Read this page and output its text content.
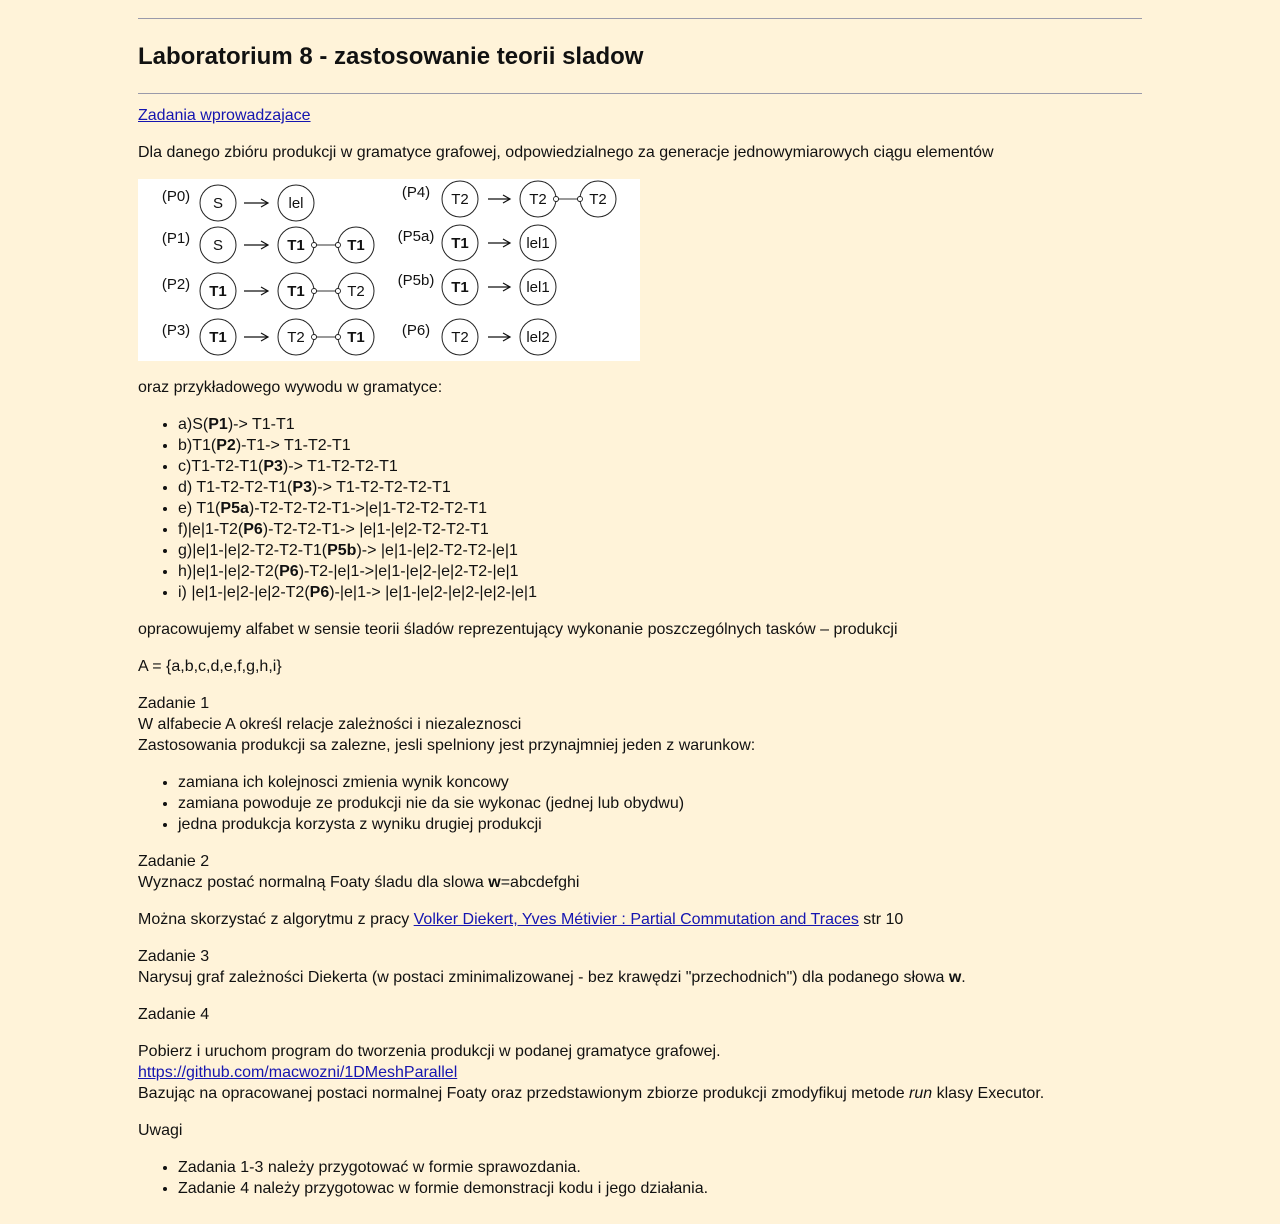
Laboratorium 8 - zastosowanie teorii sladow

Zadania wprowadzajace

Dla danego zbióru produkcji w gramatyce grafowej, odpowiedzialnego za generacje jednowymiarowych ciągu elementów

(P0) S	lel
(P1) S	T1	T1
(P2) T1	T1	T2
(P3) T1	T2	T1
(P4) T2	T2	T2
(P5a) T1	lel1
(P5b) T1	lel1
(P6) T2	lel2

oraz przykładowego wywodu w gramatyce:

• a)S(P1)-> T1-T1
• b)T1(P2)-T1-> T1-T2-T1
• c)T1-T2-T1(P3)-> T1-T2-T2-T1
• d) T1-T2-T2-T1(P3)-> T1-T2-T2-T2-T1
• e) T1(P5a)-T2-T2-T2-T1->|e|1-T2-T2-T2-T1
• f)|e|1-T2(P6)-T2-T2-T1-> |e|1-|e|2-T2-T2-T1
• g)|e|1-|e|2-T2-T2-T1(P5b)-> |e|1-|e|2-T2-T2-|e|1
• h)|e|1-|e|2-T2(P6)-T2-|e|1->|e|1-|e|2-|e|2-T2-|e|1
• i) |e|1-|e|2-|e|2-T2(P6)-|e|1-> |e|1-|e|2-|e|2-|e|2-|e|1

opracowujemy alfabet w sensie teorii śladów reprezentujący wykonanie poszczególnych tasków – produkcji

A = {a,b,c,d,e,f,g,h,i}

Zadanie 1

W alfabecie A określ relacje zależności i niezaleznosci

Zastosowania produkcji sa zalezne, jesli spelniony jest przynajmniej jeden z warunkow:

• zamiana ich kolejnosci zmienia wynik koncowy
• zamiana powoduje ze produkcji nie da sie wykonac (jednej lub obydwu)
• jedna produkcja korzysta z wyniku drugiej produkcji

Zadanie 2

Wyznacz postać normalną Foaty śladu dla slowa w=abcdefghi

Można skorzystać z algorytmu z pracy Volker Diekert, Yves Métivier : Partial Commutation and Traces str 10

Zadanie 3

Narysuj graf zależności Diekerta (w postaci zminimalizowanej - bez krawędzi "przechodnich") dla podanego słowa w.

Zadanie 4

Pobierz i uruchom program do tworzenia produkcji w podanej gramatyce grafowej.

https://github.com/macwozni/1DMeshParallel

Bazując na opracowanej postaci normalnej Foaty oraz przedstawionym zbiorze produkcji zmodyfikuj metode run klasy Executor.

Uwagi

• Zadania 1-3 należy przygotować w formie sprawozdania.
• Zadanie 4 należy przygotowac w formie demonstracji kodu i jego działania.
